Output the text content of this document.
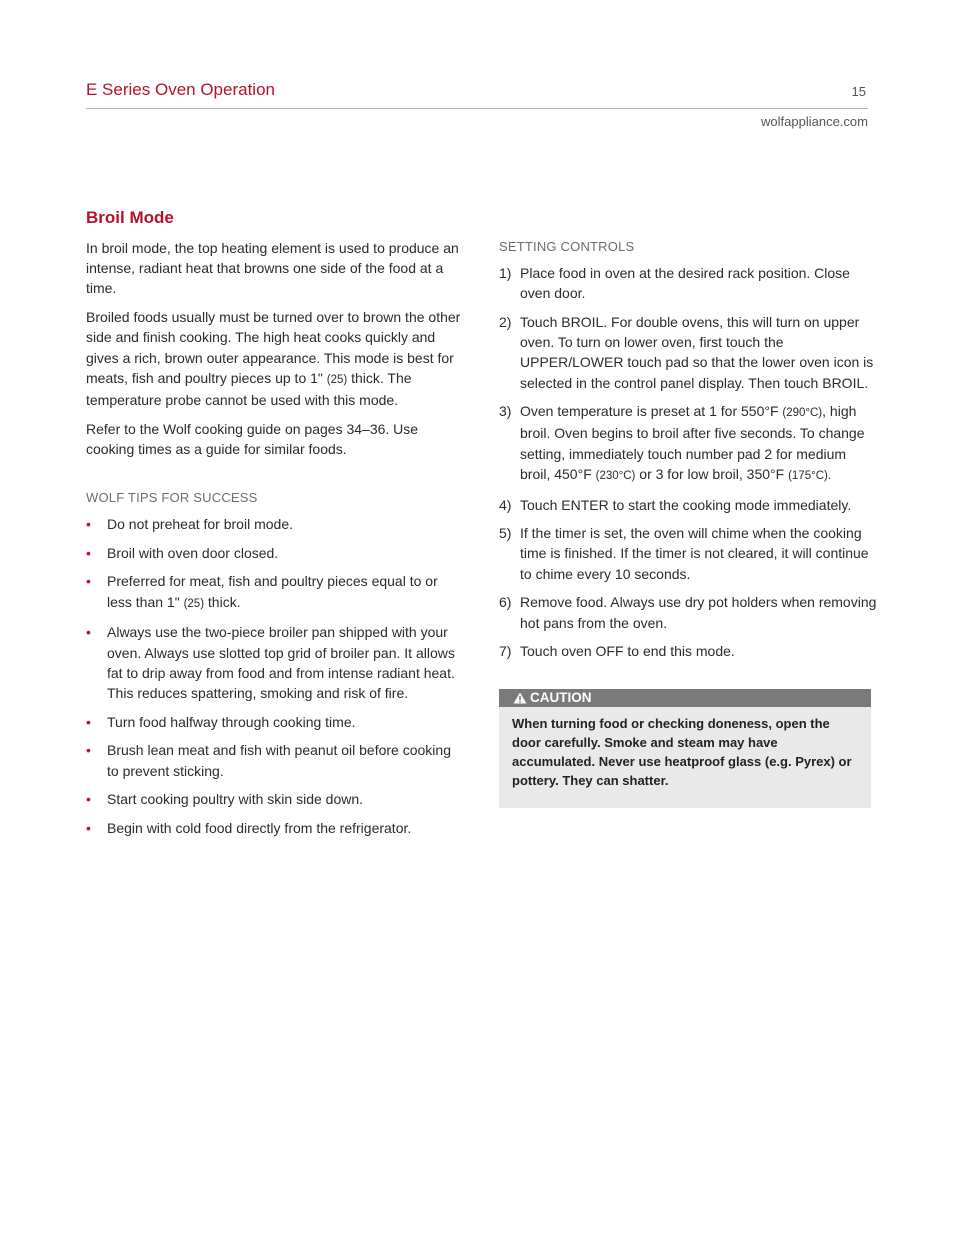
E Series Oven Operation	15
wolfappliance.com
Broil Mode

In broil mode, the top heating element is used to produce an intense, radiant heat that browns one side of the food at a time.

Broiled foods usually must be turned over to brown the other side and finish cooking. The high heat cooks quickly and gives a rich, brown outer appearance. This mode is best for meats, fish and poultry pieces up to 1" (25) thick. The temperature probe cannot be used with this mode.

Refer to the Wolf cooking guide on pages 34–36. Use cooking times as a guide for similar foods.

WOLF TIPS FOR SUCCESS
• Do not preheat for broil mode.
• Broil with oven door closed.
• Preferred for meat, fish and poultry pieces equal to or less than 1" (25) thick.
• Always use the two-piece broiler pan shipped with your oven. Always use slotted top grid of broiler pan. It allows fat to drip away from food and from intense radiant heat. This reduces spattering, smoking and risk of fire.
• Turn food halfway through cooking time.
• Brush lean meat and fish with peanut oil before cooking to prevent sticking.
• Start cooking poultry with skin side down.
• Begin with cold food directly from the refrigerator.
SETTING CONTROLS
1) Place food in oven at the desired rack position. Close oven door.
2) Touch BROIL. For double ovens, this will turn on upper oven. To turn on lower oven, first touch the UPPER/LOWER touch pad so that the lower oven icon is selected in the control panel display. Then touch BROIL.
3) Oven temperature is preset at 1 for 550°F (290°C), high broil. Oven begins to broil after five seconds. To change setting, immediately touch number pad 2 for medium broil, 450°F (230°C) or 3 for low broil, 350°F (175°C).
4) Touch ENTER to start the cooking mode immediately.
5) If the timer is set, the oven will chime when the cooking time is finished. If the timer is not cleared, it will continue to chime every 10 seconds.
6) Remove food. Always use dry pot holders when removing hot pans from the oven.
7) Touch oven OFF to end this mode.
CAUTION
When turning food or checking doneness, open the door carefully. Smoke and steam may have accumulated. Never use heatproof glass (e.g. Pyrex) or pottery. They can shatter.
